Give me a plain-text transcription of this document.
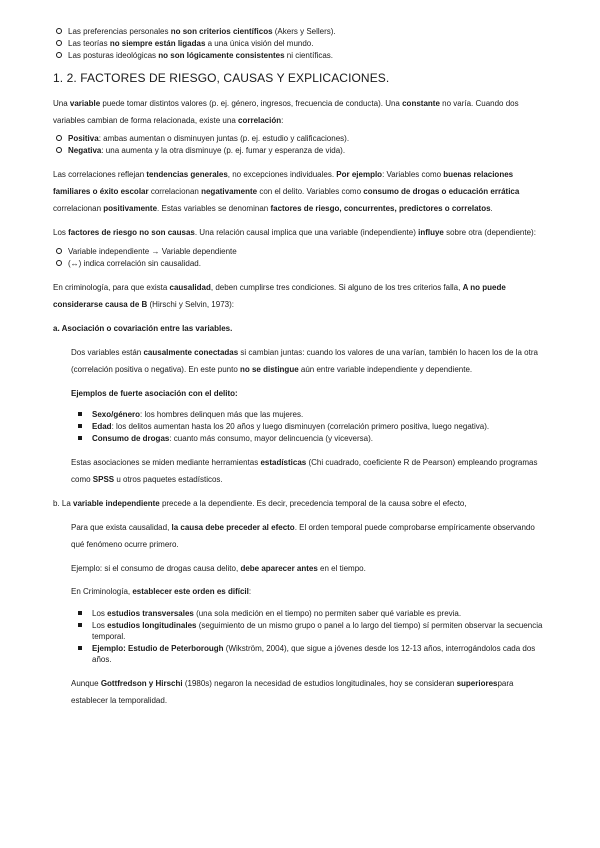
Las preferencias personales no son criterios científicos (Akers y Sellers).
Las teorías no siempre están ligadas a una única visión del mundo.
Las posturas ideológicas no son lógicamente consistentes ni científicas.
1. 2. FACTORES DE RIESGO, CAUSAS Y EXPLICACIONES.

Una variable puede tomar distintos valores (p. ej. género, ingresos, frecuencia de conducta). Una constante no varía. Cuando dos variables cambian de forma relacionada, existe una correlación:

Positiva: ambas aumentan o disminuyen juntas (p. ej. estudio y calificaciones).
Negativa: una aumenta y la otra disminuye (p. ej. fumar y esperanza de vida).

Las correlaciones reflejan tendencias generales, no excepciones individuales. Por ejemplo: Variables como buenas relaciones familiares o éxito escolar correlacionan negativamente con el delito. Variables como consumo de drogas o educación errática correlacionan positivamente. Estas variables se denominan factores de riesgo, concurrentes, predictores o correlatos.

Los factores de riesgo no son causas. Una relación causal implica que una variable (independiente) influye sobre otra (dependiente):

Variable independiente → Variable dependiente
(↔) indica correlación sin causalidad.

En criminología, para que exista causalidad, deben cumplirse tres condiciones. Si alguno de los tres criterios falla, A no puede considerarse causa de B (Hirschi y Selvin, 1973):

a. Asociación o covariación entre las variables.

Dos variables están causalmente conectadas si cambian juntas: cuando los valores de una varían, también lo hacen los de la otra (correlación positiva o negativa). En este punto no se distingue aún entre variable independiente y dependiente.

Ejemplos de fuerte asociación con el delito:

Sexo/género: los hombres delinquen más que las mujeres.
Edad: los delitos aumentan hasta los 20 años y luego disminuyen (correlación primero positiva, luego negativa).
Consumo de drogas: cuanto más consumo, mayor delincuencia (y viceversa).

Estas asociaciones se miden mediante herramientas estadísticas (Chi cuadrado, coeficiente R de Pearson) empleando programas como SPSS u otros paquetes estadísticos.

b. La variable independiente precede a la dependiente. Es decir, precedencia temporal de la causa sobre el efecto,

Para que exista causalidad, la causa debe preceder al efecto. El orden temporal puede comprobarse empíricamente observando qué fenómeno ocurre primero.

Ejemplo: si el consumo de drogas causa delito, debe aparecer antes en el tiempo.

En Criminología, establecer este orden es difícil:

Los estudios transversales (una sola medición en el tiempo) no permiten saber qué variable es previa.
Los estudios longitudinales (seguimiento de un mismo grupo o panel a lo largo del tiempo) sí permiten observar la secuencia temporal.
Ejemplo: Estudio de Peterborough (Wikström, 2004), que sigue a jóvenes desde los 12-13 años, interrogándolos cada dos años.

Aunque Gottfredson y Hirschi (1980s) negaron la necesidad de estudios longitudinales, hoy se consideran superiorespara establecer la temporalidad.
